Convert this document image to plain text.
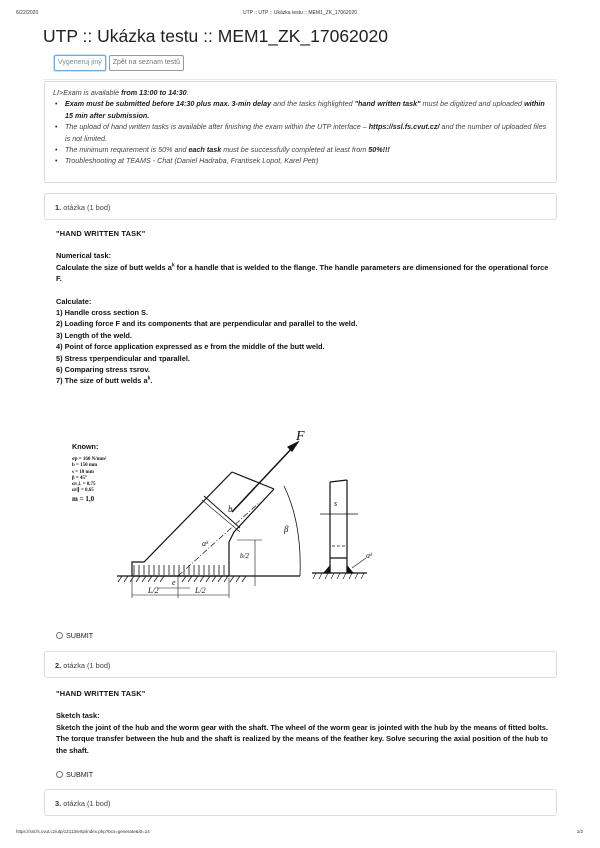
6/22/2020	UTP :: UTP :: Ukázka testu :: MEM1_ZK_17062020
UTP :: Ukázka testu :: MEM1_ZK_17062020
Vygeneruj jiný	Zpět na seznam testů
LI>Exam is available from 13:00 to 14:30.
• Exam must be submitted before 14:30 plus max. 3-min delay and the tasks highlighted "hand written task" must be digitized and uploaded within 15 min after submission.
• The upload of hand written tasks is available after finishing the exam within the UTP interface – https://ssl.fs.cvut.cz/ and the number of uploaded files is not limited.
• The minimum requirement is 50% and each task must be successfully completed at least from 50%!!!
• Troubleshooting at TEAMS - Chat (Daniel Hadraba, Frantisek Lopot, Karel Petr)
1. otázka (1 bod)
"HAND WRITTEN TASK"
Numerical task:
Calculate the size of butt welds $a^k$ for a handle that is welded to the flange. The handle parameters are dimensioned for the operational force F.
Calculate:
1) Handle cross section S.
2) Loading force F and its components that are perpendicular and parallel to the weld.
3) Length of the weld.
4) Point of force application expressed as e from the middle of the butt weld.
5) Stress τperpendicular and τparallel.
6) Comparing stress τsrov.
7) The size of butt welds $a^k$.
Known:
σp = 160 N/mm²
b = 150 mm
s = 10 mm
β = 45°
ατ⊥ = 0,75
ατ∥ = 0,65
m = 1,0
F
b
aᵏ
β
b/2
e
L/2	L/2
s
aᵏ
SUBMIT
2. otázka (1 bod)
"HAND WRITTEN TASK"
Sketch task:
Sketch the joint of the hub and the worm gear with the shaft. The wheel of the worm gear is jointed with the hub by the means of fitted bolts. The torque transfer between the hub and the shaft is realized by the means of the feather key. Solve securing the axial position of the hub to the shaft.
SUBMIT
3. otázka (1 bod)
https://ssl.fs.cvut.cz/utp/12113/ertp/index.php?bcs=generate&i0=14	1/2
